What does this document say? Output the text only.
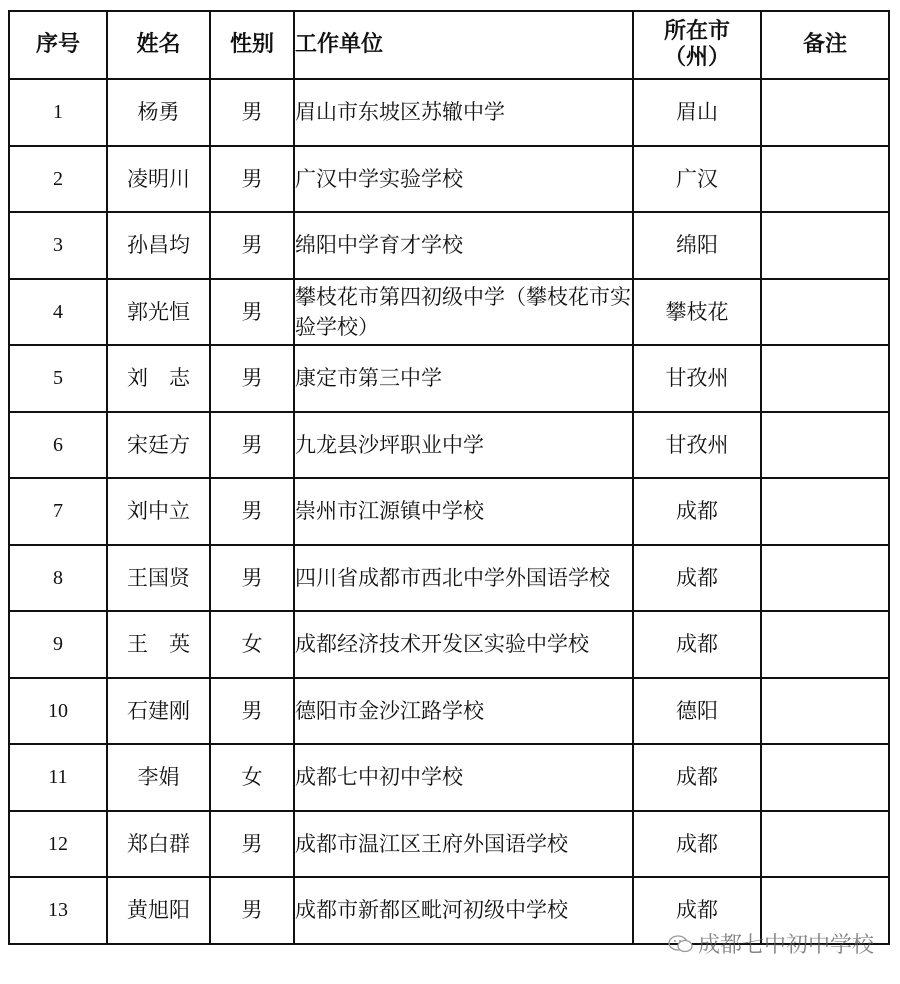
序号	姓名	性别	工作单位	所在市（州）	备注
1	杨勇	男	眉山市东坡区苏辙中学	眉山	
2	凌明川	男	广汉中学实验学校	广汉	
3	孙昌均	男	绵阳中学育才学校	绵阳	
4	郭光恒	男	攀枝花市第四初级中学（攀枝花市实验学校）	攀枝花	
5	刘　志	男	康定市第三中学	甘孜州	
6	宋廷方	男	九龙县沙坪职业中学	甘孜州	
7	刘中立	男	崇州市江源镇中学校	成都	
8	王国贤	男	四川省成都市西北中学外国语学校	成都	
9	王　英	女	成都经济技术开发区实验中学校	成都	
10	石建刚	男	德阳市金沙江路学校	德阳	
11	李娟	女	成都七中初中学校	成都	
12	郑白群	男	成都市温江区王府外国语学校	成都	
13	黄旭阳	男	成都市新都区毗河初级中学校	成都	
成都七中初中学校
